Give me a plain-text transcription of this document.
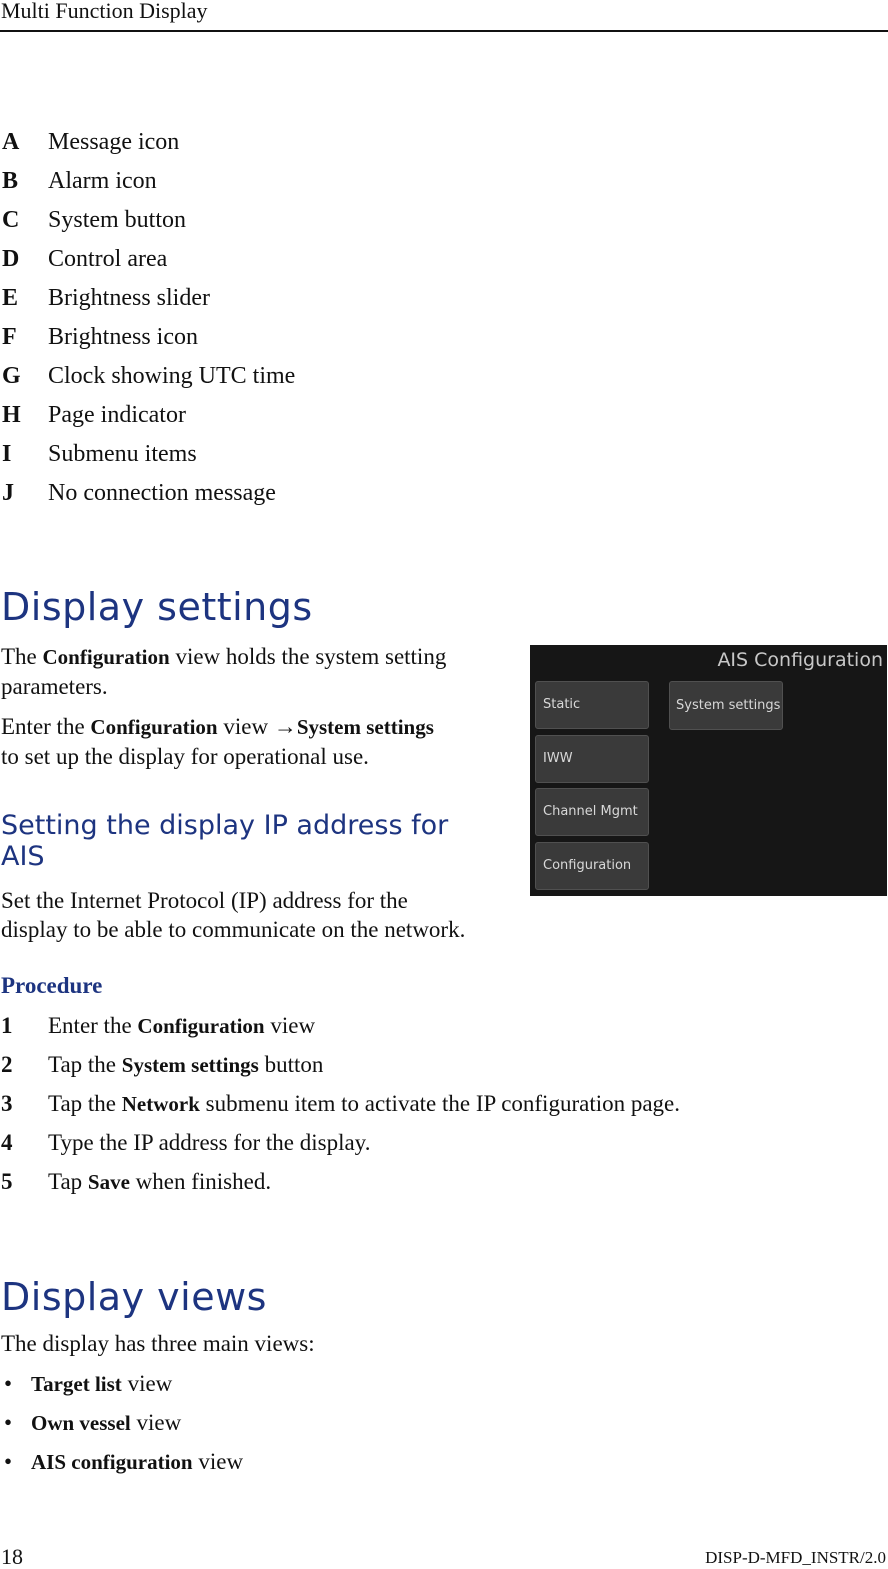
Multi Function Display
A Message icon
B Alarm icon
C System button
D Control area
E Brightness slider
F Brightness icon
G Clock showing UTC time
H Page indicator
I Submenu items
J No connection message
Display settings
The Configuration view holds the system setting
parameters.
Enter the Configuration view →System settings
to set up the display for operational use.
Setting the display IP address for
AIS
Set the Internet Protocol (IP) address for the
display to be able to communicate on the network.
AIS Configuration
Static
IWW
Channel Mgmt
Configuration
System settings
Procedure
1 Enter the Configuration view
2 Tap the System settings button
3 Tap the Network submenu item to activate the IP configuration page.
4 Type the IP address for the display.
5 Tap Save when finished.
Display views
The display has three main views:
• Target list view
• Own vessel view
• AIS configuration view
18	DISP-D-MFD_INSTR/2.0
